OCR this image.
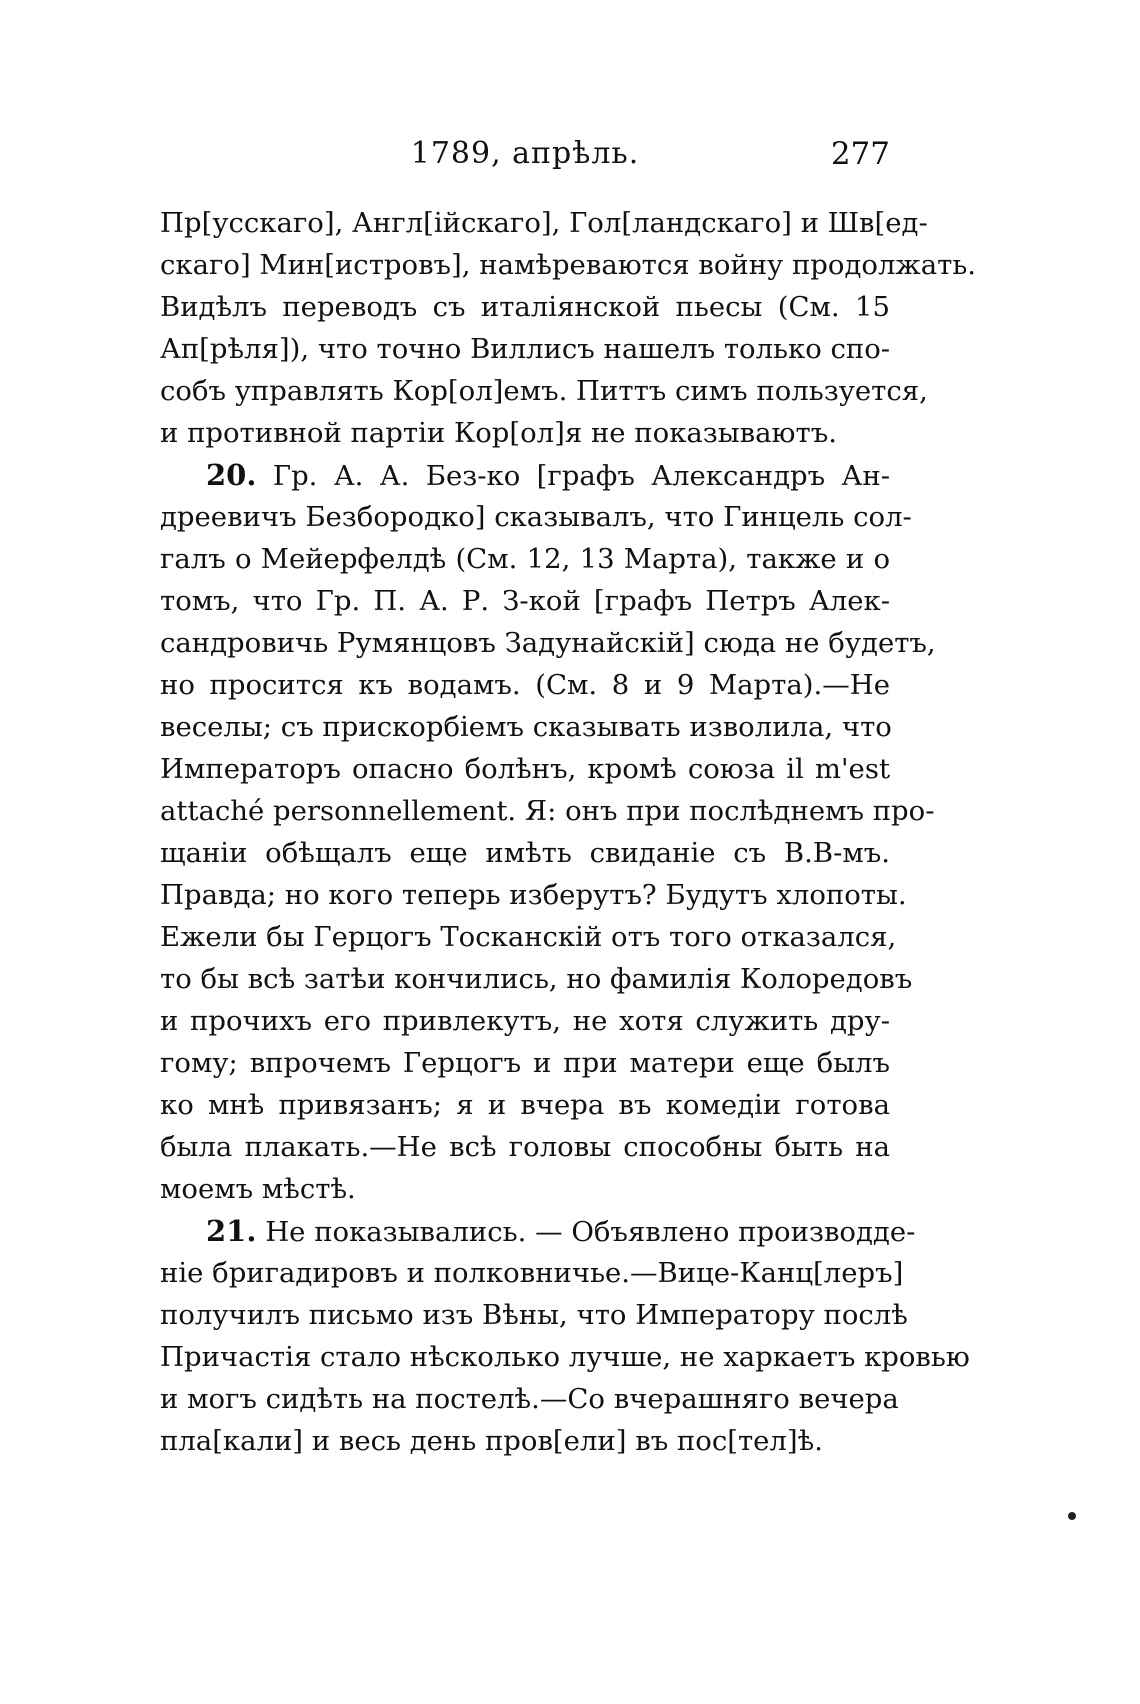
1789, апрѣль.	277
Пр[усскаго], Англ[ійскаго], Гол[ландскаго] и Шв[ед-
скаго] Мин[истровъ], намѣреваются войну продолжать.
Видѣлъ переводъ съ италіянской пьесы (См. 15
Ап[рѣля]), что точно Виллисъ нашелъ только спо-
собъ управлять Кор[ол]емъ. Питтъ симъ пользуется,
и противной партіи Кор[ол]я не показываютъ.
20. Гр. А. А. Без-ко [графъ Александръ Ан-
дреевичъ Безбородко] сказывалъ, что Гинцель сол-
галъ о Мейерфелдѣ (См. 12, 13 Марта), также и о
томъ, что Гр. П. А. Р. З-кой [графъ Петръ Алек-
сандровичь Румянцовъ Задунайскій] сюда не будетъ,
но просится къ водамъ. (См. 8 и 9 Марта).—Не
веселы; съ прискорбіемъ сказывать изволила, что
Императоръ опасно болѣнъ, кромѣ союза il m'est
attaché personnellement. Я: онъ при послѣднемъ про-
щаніи обѣщалъ еще имѣть свиданіе съ В.В-мъ.
Правда; но кого теперь изберутъ? Будутъ хлопоты.
Ежели бы Герцогъ Тосканскій отъ того отказался,
то бы всѣ затѣи кончились, но фамилія Колоредовъ
и прочихъ его привлекутъ, не хотя служить дру-
гому; впрочемъ Герцогъ и при матери еще былъ
ко мнѣ привязанъ; я и вчера въ комедіи готова
была плакать.—Не всѣ головы способны быть на
моемъ мѣстѣ.
21. Не показывались. — Объявлено производде-
ніе бригадировъ и полковничье.—Вице-Канц[леръ]
получилъ письмо изъ Вѣны, что Императору послѣ
Причастія стало нѣсколько лучше, не харкаетъ кровью
и могъ сидѣть на постелѣ.—Со вчерашняго вечера
пла[кали] и весь день пров[ели] въ пос[тел]ѣ.
